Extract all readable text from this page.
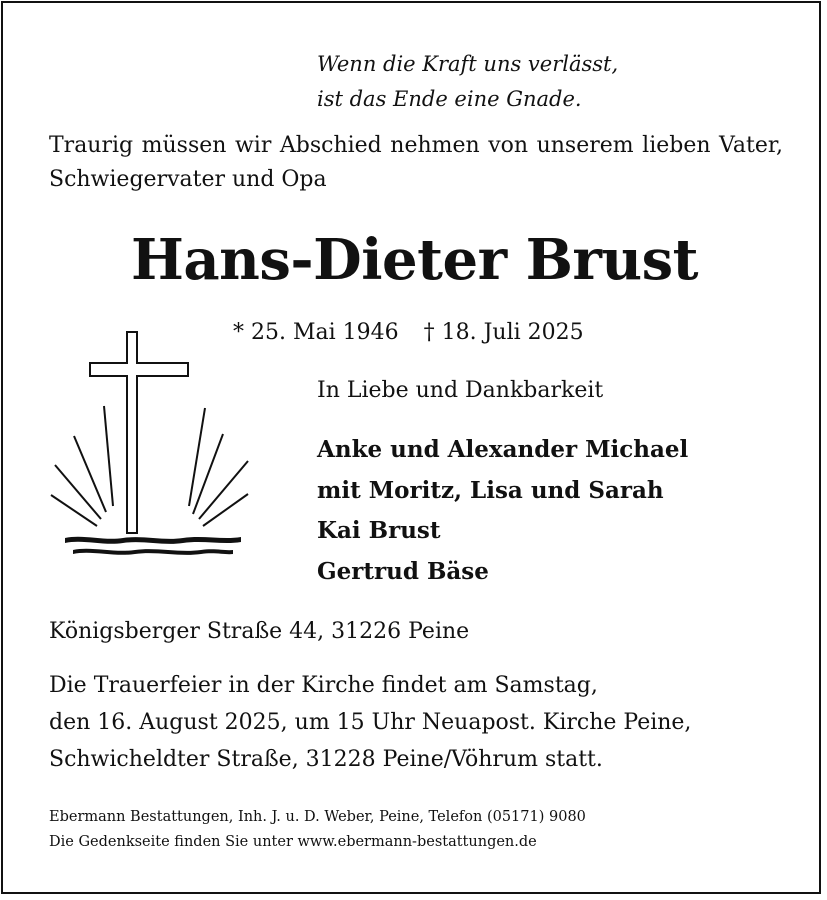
Wenn die Kraft uns verlässt,
ist das Ende eine Gnade.
Traurig müssen wir Abschied nehmen von unserem lieben Vater, Schwiegervater und Opa
Hans-Dieter Brust
* 25. Mai 1946 † 18. Juli 2025
In Liebe und Dankbarkeit
Anke und Alexander Michael
mit Moritz, Lisa und Sarah
Kai Brust
Gertrud Bäse
Königsberger Straße 44, 31226 Peine
Die Trauerfeier in der Kirche findet am Samstag,
den 16. August 2025, um 15 Uhr Neuapost. Kirche Peine,
Schwicheldter Straße, 31228 Peine/Vöhrum statt.
Ebermann Bestattungen, Inh. J. u. D. Weber, Peine, Telefon (05171) 9080
Die Gedenkseite finden Sie unter www.ebermann-bestattungen.de
